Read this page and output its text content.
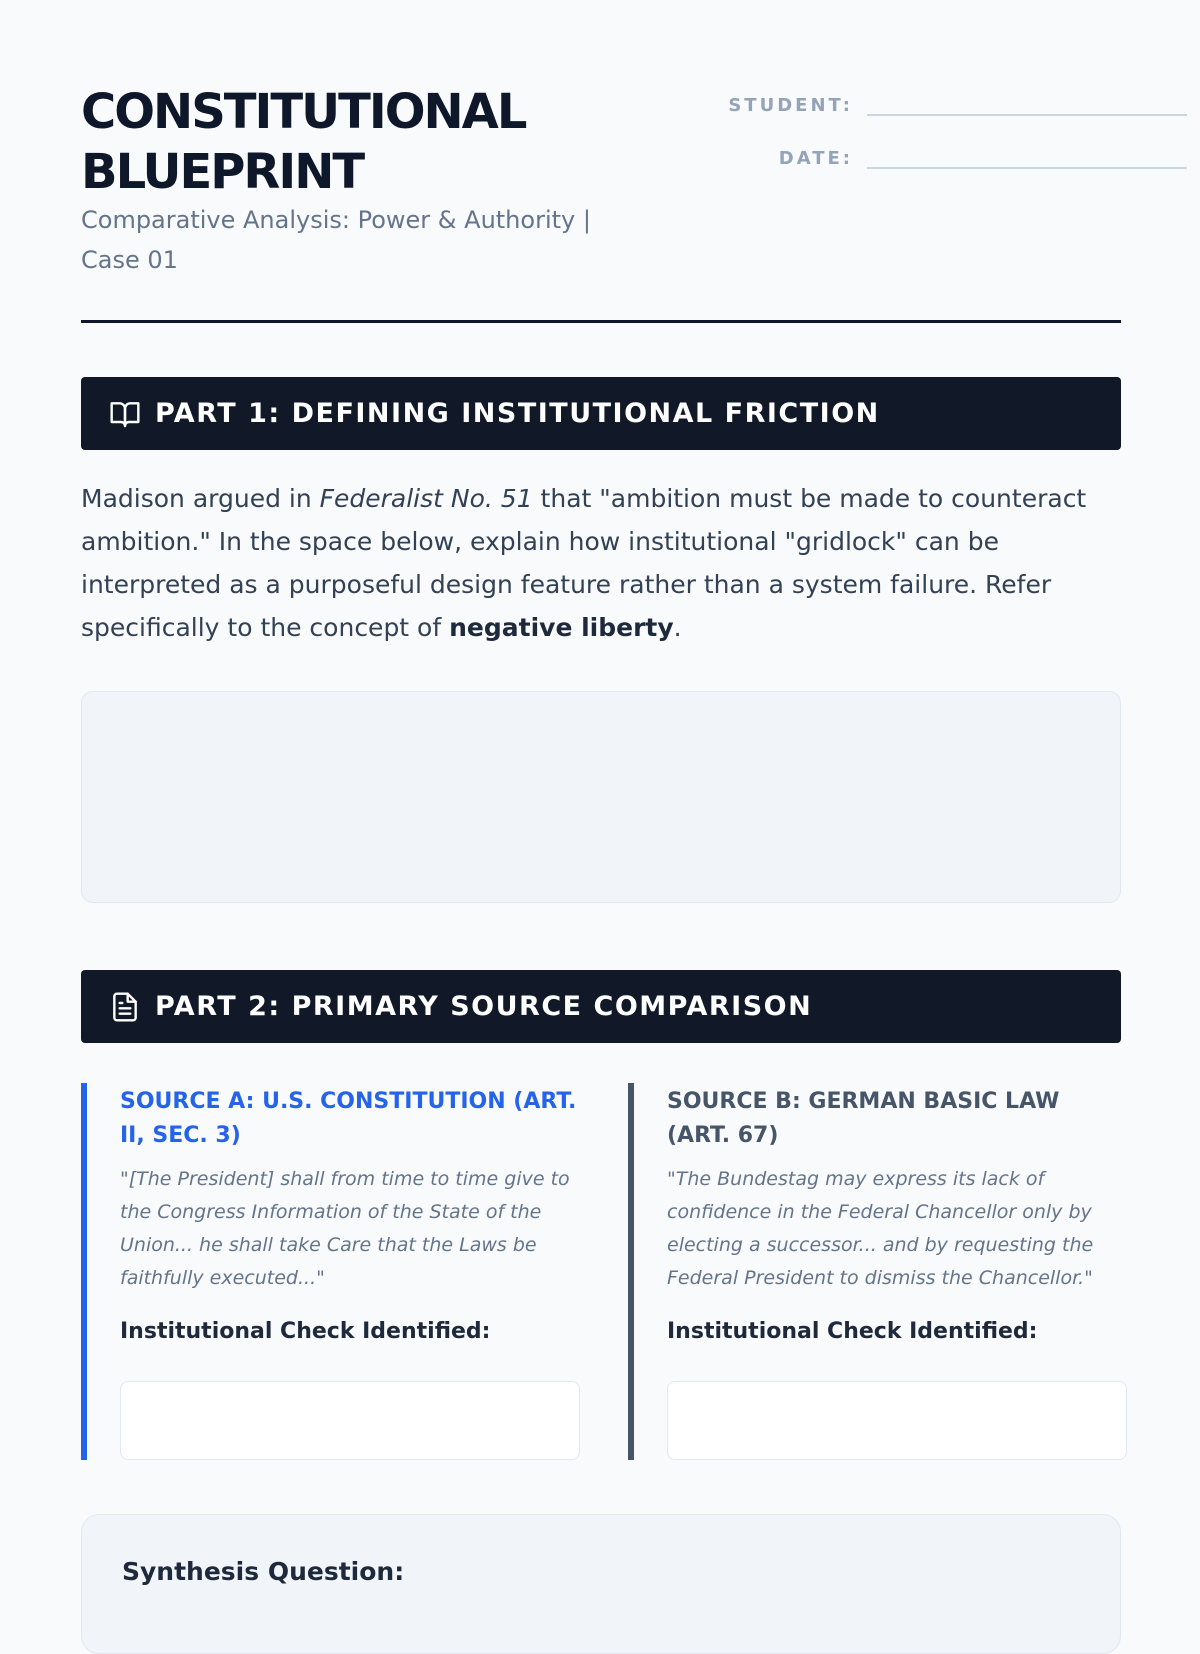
CONSTITUTIONAL BLUEPRINT
Comparative Analysis: Power & Authority | Case 01
STUDENT:
DATE:
PART 1: DEFINING INSTITUTIONAL FRICTION
Madison argued in Federalist No. 51 that "ambition must be made to counteract ambition." In the space below, explain how institutional "gridlock" can be interpreted as a purposeful design feature rather than a system failure. Refer specifically to the concept of negative liberty.
PART 2: PRIMARY SOURCE COMPARISON
SOURCE A: U.S. CONSTITUTION (ART. II, SEC. 3)
"[The President] shall from time to time give to the Congress Information of the State of the Union... he shall take Care that the Laws be faithfully executed..."
Institutional Check Identified:
SOURCE B: GERMAN BASIC LAW (ART. 67)
"The Bundestag may express its lack of confidence in the Federal Chancellor only by electing a successor... and by requesting the Federal President to dismiss the Chancellor."
Institutional Check Identified:
Synthesis Question:
